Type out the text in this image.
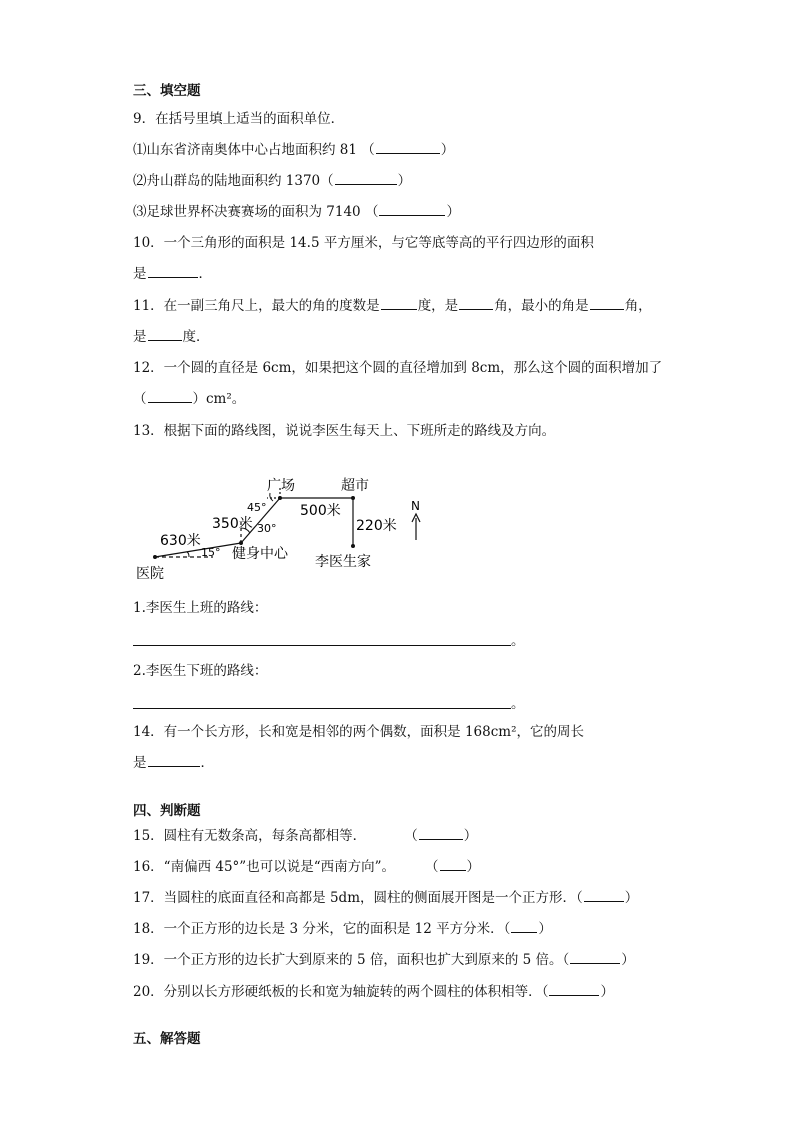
三、填空题
9．在括号里填上适当的面积单位．
⑴山东省济南奥体中心占地面积约 81 （	）
⑵舟山群岛的陆地面积约 1370（	）
⑶足球世界杯决赛赛场的面积为 7140 （	）
10．一个三角形的面积是 14.5 平方厘米，与它等底等高的平行四边形的面积
是	．
11．在一副三角尺上，最大的角的度数是	度，是	角，最小的角是	角，
是	度．
12．一个圆的直径是 6cm，如果把这个圆的直径增加到 8cm，那么这个圆的面积增加了
（	）cm²。
13．根据下面的路线图，说说李医生每天上、下班所走的路线及方向。
广场	超市
45°
350米 30°
500米
220米
N
630米
15° 健身中心 李医生家
医院
1.李医生上班的路线：
。
2.李医生下班的路线：
。
14．有一个长方形，长和宽是相邻的两个偶数，面积是 168cm²，它的周长
是	．
四、判断题
15．圆柱有无数条高，每条高都相等．	（	）
16．“南偏西 45°”也可以说是“西南方向”。 （ ）
17．当圆柱的底面直径和高都是 5dm，圆柱的侧面展开图是一个正方形．（	）
18．一个正方形的边长是 3 分米，它的面积是 12 平方分米．（ ）
19．一个正方形的边长扩大到原来的 5 倍，面积也扩大到原来的 5 倍。（	）
20．分别以长方形硬纸板的长和宽为轴旋转的两个圆柱的体积相等．（	）
五、解答题
